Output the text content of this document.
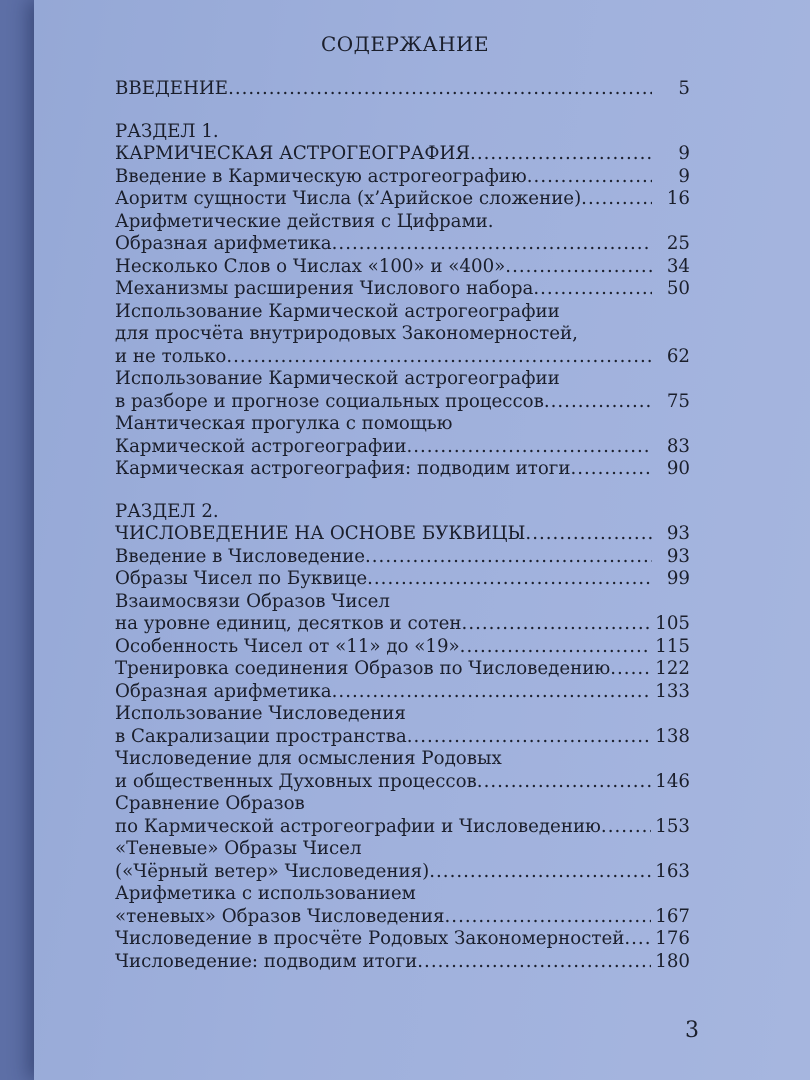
СОДЕРЖАНИЕ
ВВЕДЕНИЕ .....	5
РАЗДЕЛ 1.
КАРМИЧЕСКАЯ АСТРОГЕОГРАФИЯ .....	9
Введение в Кармическую астрогеографию .....	9
Аоритм сущности Числа (х’Арийское сложение) .....	16
Арифметические действия с Цифрами.
Образная арифметика .....	25
Несколько Слов о Числах «100» и «400» .....	34
Механизмы расширения Числового набора .....	50
Использование Кармической астрогеографии
для просчёта внутриродовых Закономерностей,
и не только .....	62
Использование Кармической астрогеографии
в разборе и прогнозе социальных процессов .....	75
Мантическая прогулка с помощью
Кармической астрогеографии .....	83
Кармическая астрогеография: подводим итоги .....	90
РАЗДЕЛ 2.
ЧИСЛОВЕДЕНИЕ НА ОСНОВЕ БУКВИЦЫ .....	93
Введение в Числоведение .....	93
Образы Чисел по Буквице .....	99
Взаимосвязи Образов Чисел
на уровне единиц, десятков и сотен .....	105
Особенность Чисел от «11» до «19» .....	115
Тренировка соединения Образов по Числоведению .....	122
Образная арифметика .....	133
Использование Числоведения
в Сакрализации пространства .....	138
Числоведение для осмысления Родовых
и общественных Духовных процессов .....	146
Сравнение Образов
по Кармической астрогеографии и Числоведению .....	153
«Теневые» Образы Чисел
(«Чёрный ветер» Числоведения) .....	163
Арифметика с использованием
«теневых» Образов Числоведения .....	167
Числоведение в просчёте Родовых Закономерностей .....	176
Числоведение: подводим итоги .....	180
3
